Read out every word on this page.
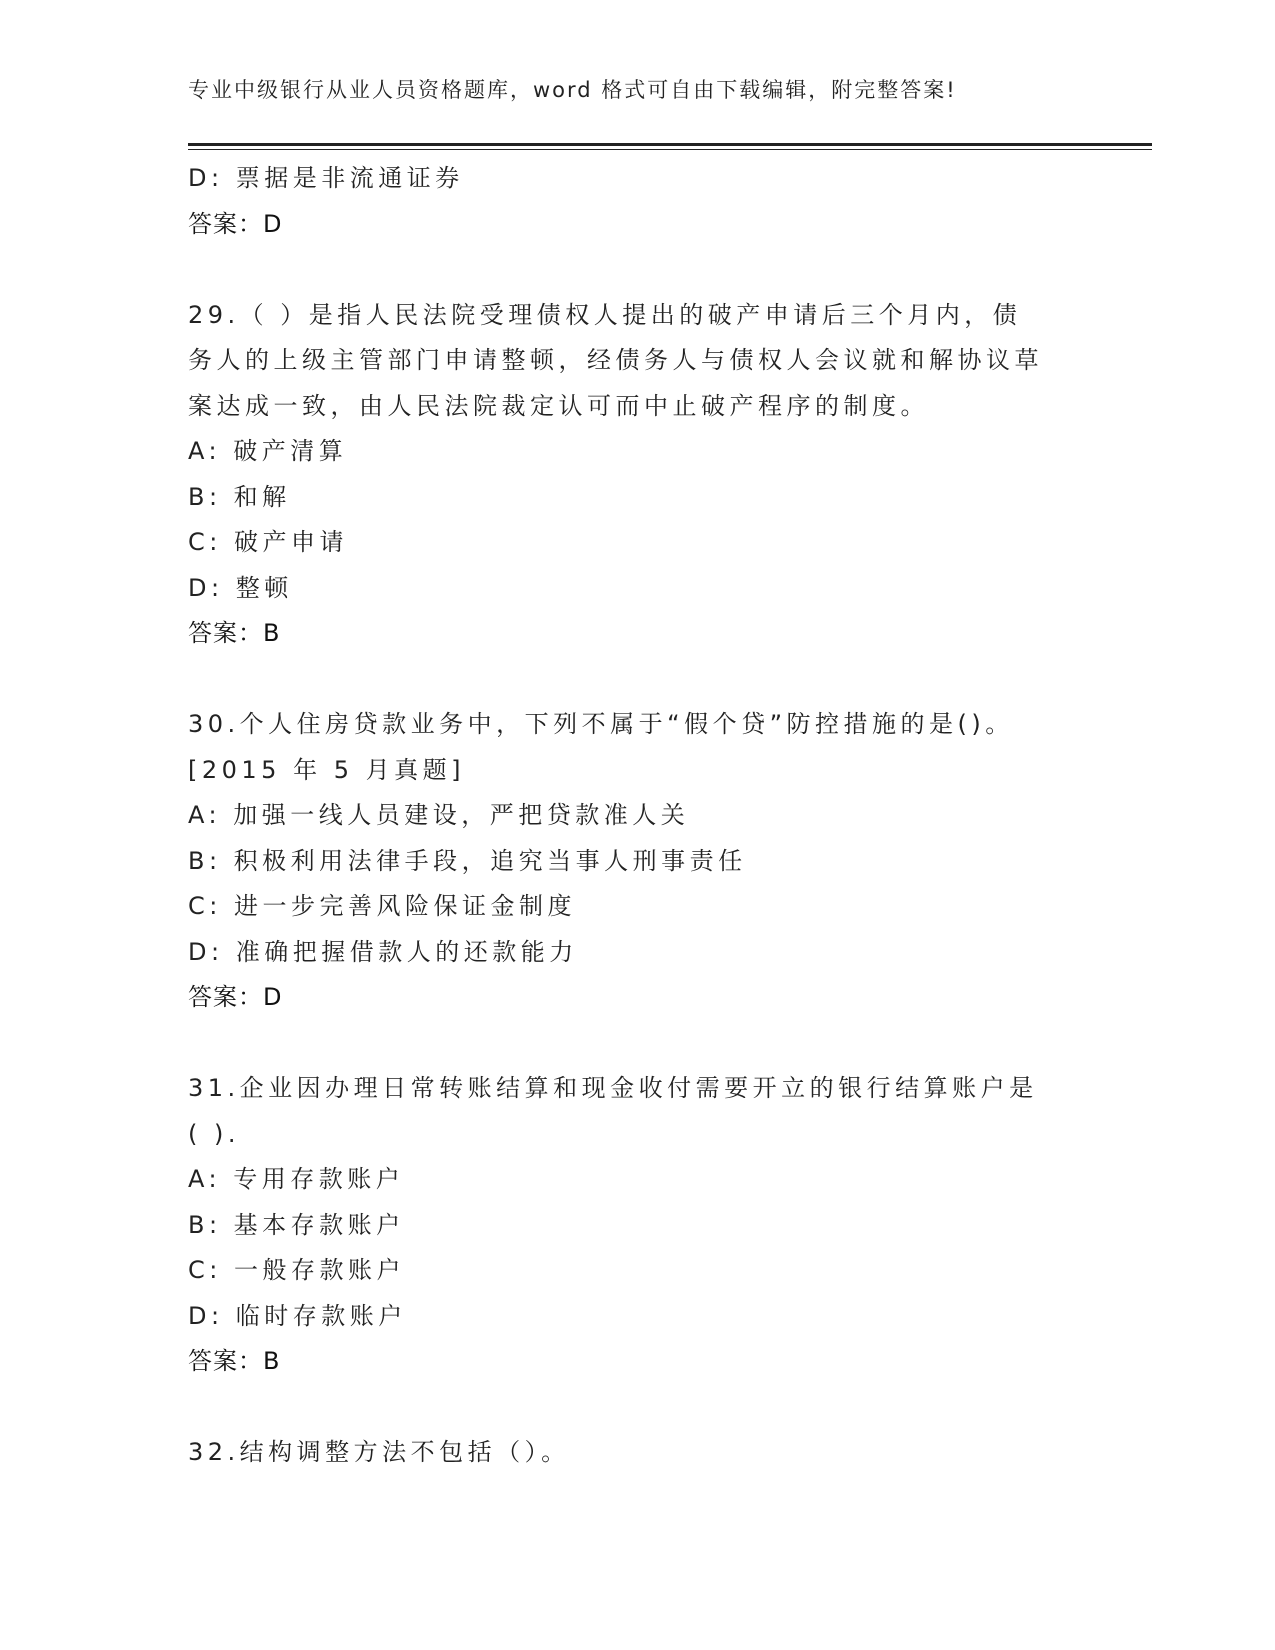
专业中级银行从业人员资格题库，word 格式可自由下载编辑，附完整答案!
D: 票据是非流通证券
答案：D
29.（ ）是指人民法院受理债权人提出的破产申请后三个月内，债
务人的上级主管部门申请整顿，经债务人与债权人会议就和解协议草
案达成一致，由人民法院裁定认可而中止破产程序的制度。
A: 破产清算
B: 和解
C: 破产申请
D: 整顿
答案：B
30.个人住房贷款业务中，下列不属于“假个贷”防控措施的是()。
[2015 年 5 月真题]
A: 加强一线人员建设，严把贷款准人关
B: 积极利用法律手段，追究当事人刑事责任
C: 进一步完善风险保证金制度
D: 准确把握借款人的还款能力
答案：D
31.企业因办理日常转账结算和现金收付需要开立的银行结算账户是
( ).
A: 专用存款账户
B: 基本存款账户
C: 一般存款账户
D: 临时存款账户
答案：B
32.结构调整方法不包括（）。
